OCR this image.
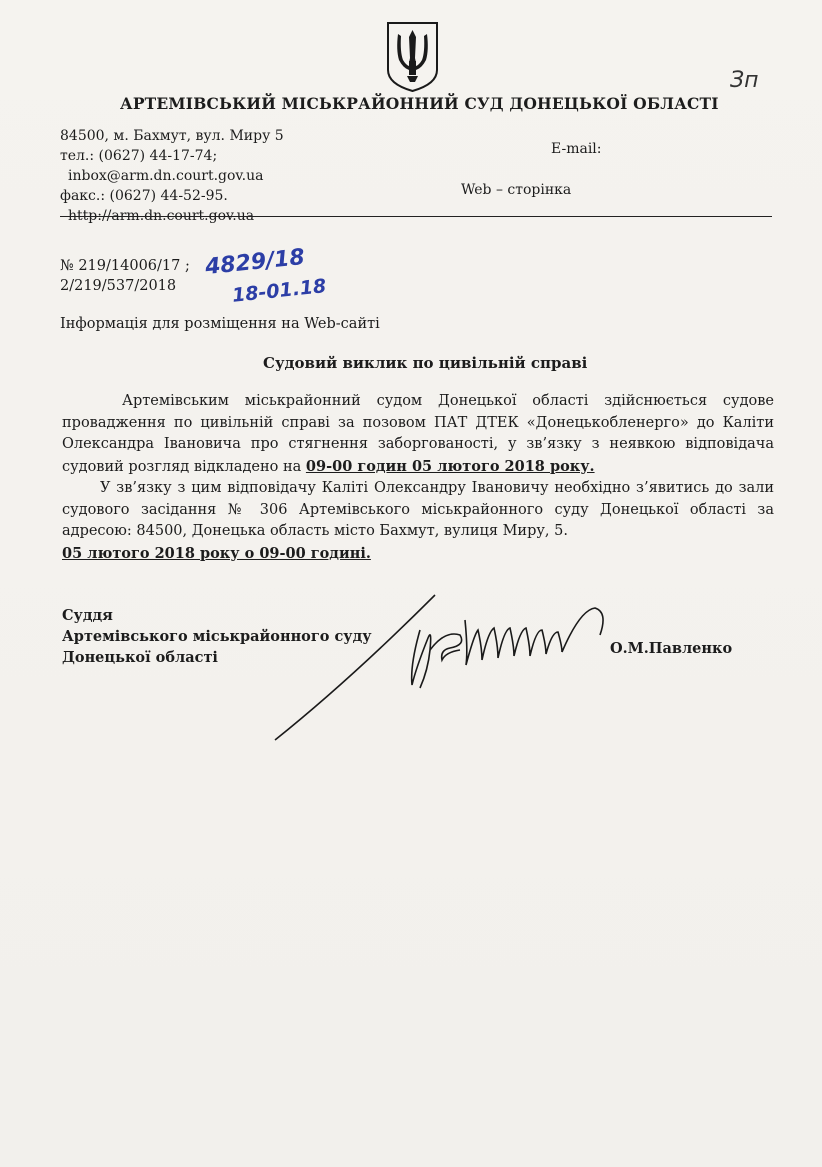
Зп
АРТЕМІВСЬКИЙ МІСЬКРАЙОННИЙ СУД ДОНЕЦЬКОЇ ОБЛАСТІ
84500, м. Бахмут, вул. Миру 5
тел.: (0627) 44-17-74;
inbox@arm.dn.court.gov.ua
факс.: (0627) 44-52-95.
http://arm.dn.court.gov.ua
E-mail:
Web – сторінка
№ 219/14006/17 ;
2/219/537/2018
4829/18
18-01.18
Інформація для розміщення на Web-сайті
Судовий виклик по цивільній справі
Артемівським міськрайонний судом Донецької області здійснюється судове
провадження по цивільній справі за позовом ПАТ ДТЕК «Донецькобленерго» до Каліти
Олександра Івановича про стягнення заборгованості, у зв’язку з неявкою відповідача
судовий розгляд відкладено на 09-00 годин 05 лютого 2018 року.
У зв’язку з цим відповідачу Каліті Олександру Івановичу необхідно з’явитись до зали
судового засідання № 306 Артемівського міськрайонного суду Донецької області за
адресою: 84500, Донецька область місто Бахмут, вулиця Миру, 5.
05 лютого 2018 року о 09-00 годині.
Суддя
Артемівського міськрайонного суду
Донецької області
О.М.Павленко
